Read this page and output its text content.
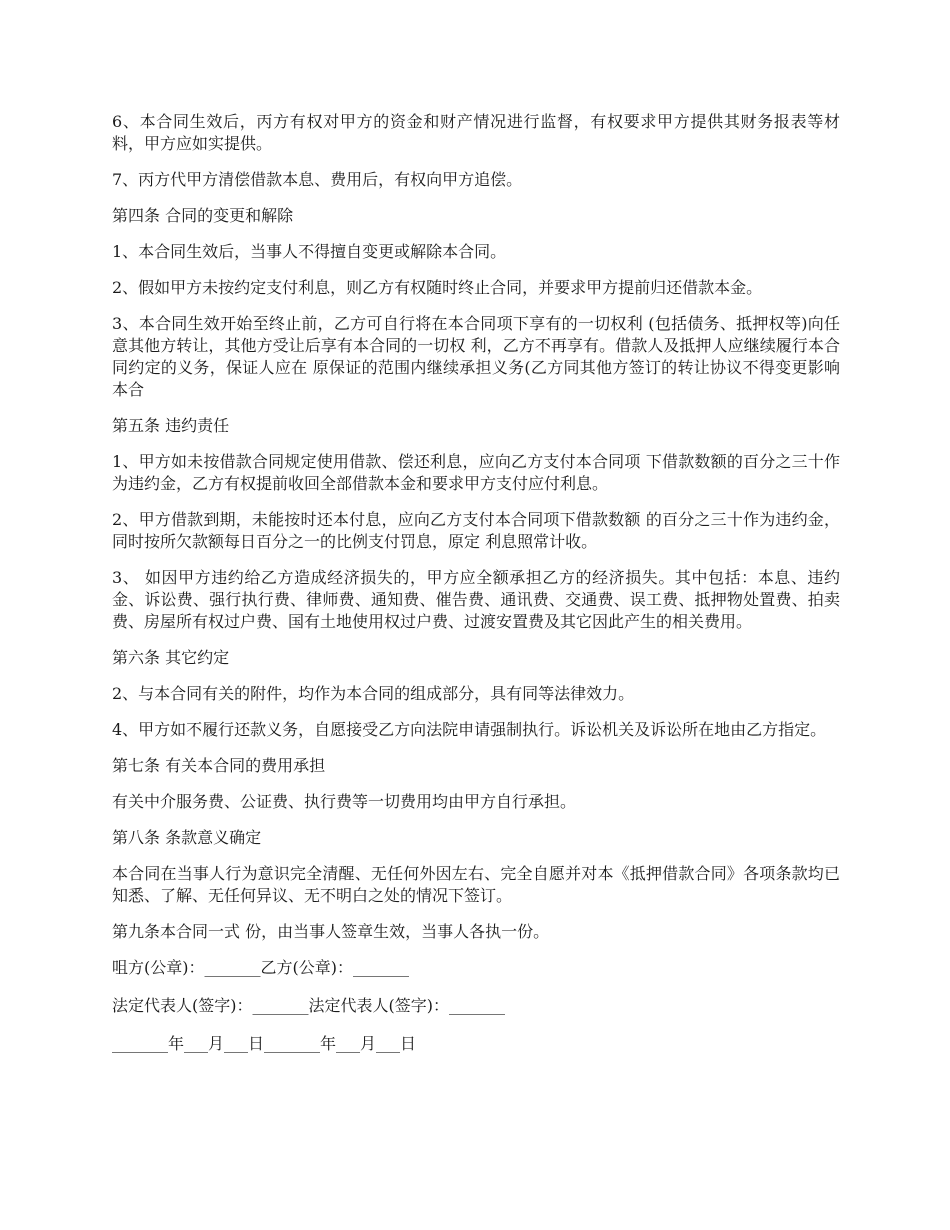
6、本合同生效后，丙方有权对甲方的资金和财产情况进行监督，有权要求甲方提供其财务报表等材料，甲方应如实提供。

7、丙方代甲方清偿借款本息、费用后，有权向甲方追偿。

第四条 合同的变更和解除

1、本合同生效后，当事人不得擅自变更或解除本合同。

2、假如甲方未按约定支付利息，则乙方有权随时终止合同，并要求甲方提前归还借款本金。

3、本合同生效开始至终止前，乙方可自行将在本合同项下享有的一切权利 (包括债务、抵押权等)向任意其他方转让，其他方受让后享有本合同的一切权 利，乙方不再享有。借款人及抵押人应继续履行本合同约定的义务，保证人应在 原保证的范围内继续承担义务(乙方同其他方签订的转让协议不得变更影响本合

第五条 违约责任

1、甲方如未按借款合同规定使用借款、偿还利息，应向乙方支付本合同项 下借款数额的百分之三十作为违约金，乙方有权提前收回全部借款本金和要求甲方支付应付利息。

2、甲方借款到期，未能按时还本付息，应向乙方支付本合同项下借款数额 的百分之三十作为违约金，同时按所欠款额每日百分之一的比例支付罚息，原定 利息照常计收。

3、 如因甲方违约给乙方造成经济损失的，甲方应全额承担乙方的经济损失。其中包括：本息、违约金、诉讼费、强行执行费、律师费、通知费、催告费、通讯费、交通费、误工费、抵押物处置费、拍卖费、房屋所有权过户费、国有土地使用权过户费、过渡安置费及其它因此产生的相关费用。

第六条 其它约定

2、与本合同有关的附件，均作为本合同的组成部分，具有同等法律效力。

4、甲方如不履行还款义务，自愿接受乙方向法院申请强制执行。诉讼机关及诉讼所在地由乙方指定。

第七条 有关本合同的费用承担

有关中介服务费、公证费、执行费等一切费用均由甲方自行承担。

第八条 条款意义确定

本合同在当事人行为意识完全清醒、无任何外因左右、完全自愿并对本《抵押借款合同》各项条款均已知悉、了解、无任何异议、无不明白之处的情况下签订。

第九条本合同一式 份，由当事人签章生效，当事人各执一份。

咀方(公章)：_______乙方(公章)：_______

法定代表人(签字)：_______法定代表人(签字)：_______

_______年___月___日_______年___月___日
